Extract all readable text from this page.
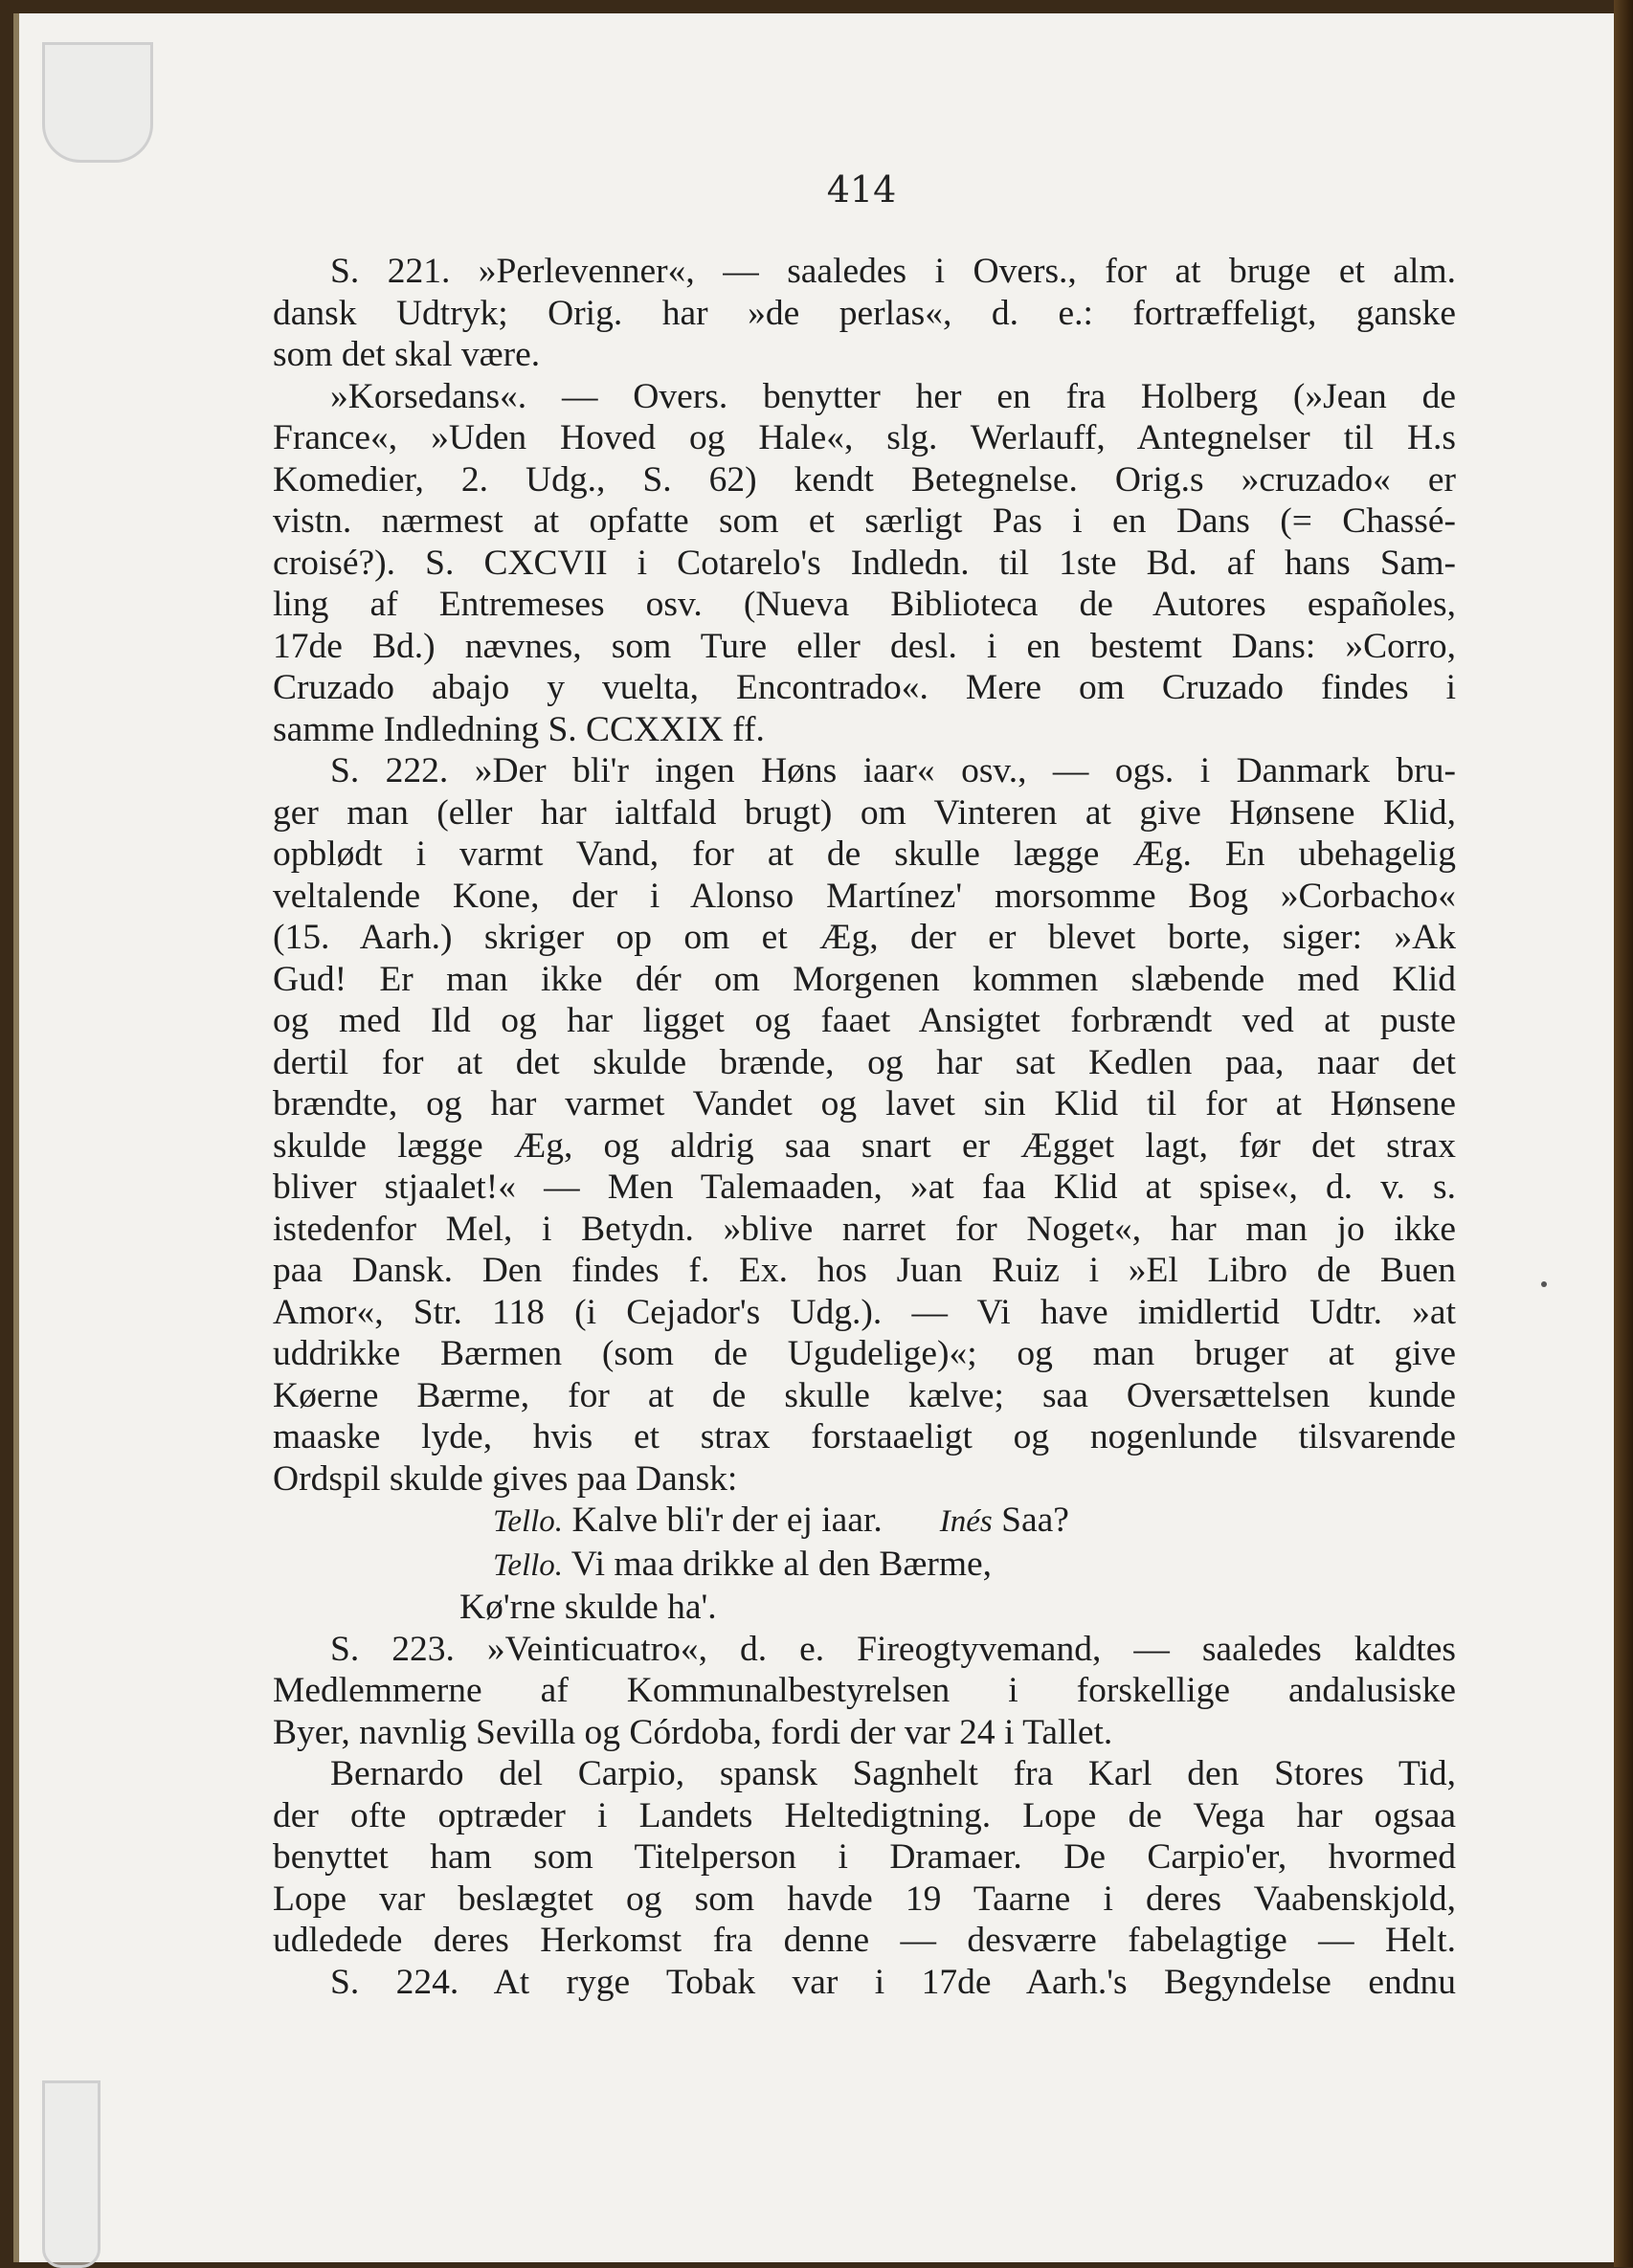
414
S. 221. »Perlevenner«, — saaledes i Overs., for at bruge et alm.
dansk Udtryk; Orig. har »de perlas«, d. e.: fortræffeligt, ganske
som det skal være.
»Korsedans«. — Overs. benytter her en fra Holberg (»Jean de
France«, »Uden Hoved og Hale«, slg. Werlauff, Antegnelser til H.s
Komedier, 2. Udg., S. 62) kendt Betegnelse. Orig.s »cruzado« er
vistn. nærmest at opfatte som et særligt Pas i en Dans (= Chassé-
croisé?). S. CXCVII i Cotarelo's Indledn. til 1ste Bd. af hans Sam-
ling af Entremeses osv. (Nueva Biblioteca de Autores españoles,
17de Bd.) nævnes, som Ture eller desl. i en bestemt Dans: »Corro,
Cruzado abajo y vuelta, Encontrado«. Mere om Cruzado findes i
samme Indledning S. CCXXIX ff.
S. 222. »Der bli'r ingen Høns iaar« osv., — ogs. i Danmark bru-
ger man (eller har ialtfald brugt) om Vinteren at give Hønsene Klid,
opblødt i varmt Vand, for at de skulle lægge Æg. En ubehagelig
veltalende Kone, der i Alonso Martínez' morsomme Bog »Corbacho«
(15. Aarh.) skriger op om et Æg, der er blevet borte, siger: »Ak
Gud! Er man ikke dér om Morgenen kommen slæbende med Klid
og med Ild og har ligget og faaet Ansigtet forbrændt ved at puste
dertil for at det skulde brænde, og har sat Kedlen paa, naar det
brændte, og har varmet Vandet og lavet sin Klid til for at Hønsene
skulde lægge Æg, og aldrig saa snart er Ægget lagt, før det strax
bliver stjaalet!« — Men Talemaaden, »at faa Klid at spise«, d. v. s.
istedenfor Mel, i Betydn. »blive narret for Noget«, har man jo ikke
paa Dansk. Den findes f. Ex. hos Juan Ruiz i »El Libro de Buen
Amor«, Str. 118 (i Cejador's Udg.). — Vi have imidlertid Udtr. »at
uddrikke Bærmen (som de Ugudelige)«; og man bruger at give
Køerne Bærme, for at de skulle kælve; saa Oversættelsen kunde
maaske lyde, hvis et strax forstaaeligt og nogenlunde tilsvarende
Ordspil skulde gives paa Dansk:
Tello. Kalve bli'r der ej iaar. Inés Saa?
Tello. Vi maa drikke al den Bærme,
Kø'rne skulde ha'.
S. 223. »Veinticuatro«, d. e. Fireogtyvemand, — saaledes kaldtes
Medlemmerne af Kommunalbestyrelsen i forskellige andalusiske
Byer, navnlig Sevilla og Córdoba, fordi der var 24 i Tallet.
Bernardo del Carpio, spansk Sagnhelt fra Karl den Stores Tid,
der ofte optræder i Landets Heltedigtning. Lope de Vega har ogsaa
benyttet ham som Titelperson i Dramaer. De Carpio'er, hvormed
Lope var beslægtet og som havde 19 Taarne i deres Vaabenskjold,
udledede deres Herkomst fra denne — desværre fabelagtige — Helt.
S. 224. At ryge Tobak var i 17de Aarh.'s Begyndelse endnu
